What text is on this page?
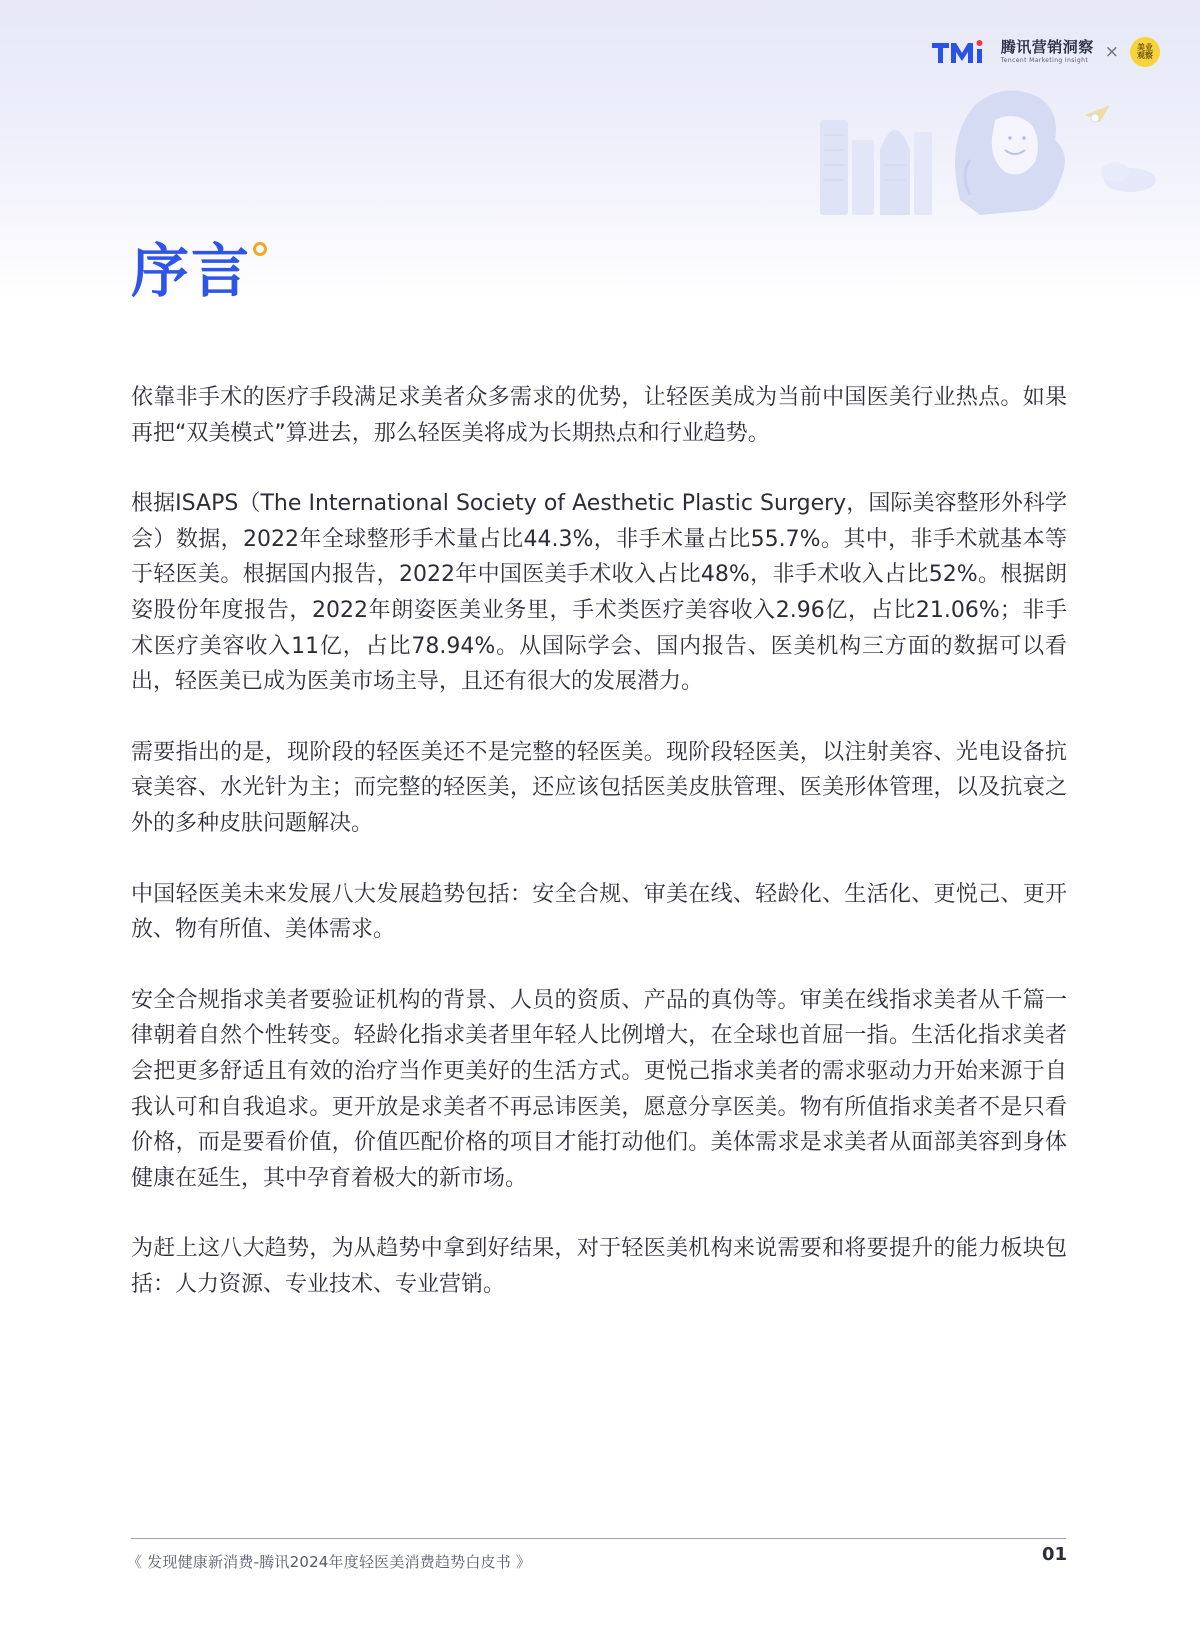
腾讯营销洞察
Tencent Marketing Insight × 美业
观察
序言

依靠非手术的医疗手段满足求美者众多需求的优势，让轻医美成为当前中国医美行业热点。如果再把“双美模式”算进去，那么轻医美将成为长期热点和行业趋势。

根据ISAPS（The International Society of Aesthetic Plastic Surgery，国际美容整形外科学会）数据，2022年全球整形手术量占比44.3%，非手术量占比55.7%。其中，非手术就基本等于轻医美。根据国内报告，2022年中国医美手术收入占比48%，非手术收入占比52%。根据朗姿股份年度报告，2022年朗姿医美业务里，手术类医疗美容收入2.96亿，占比21.06%；非手术医疗美容收入11亿，占比78.94%。从国际学会、国内报告、医美机构三方面的数据可以看出，轻医美已成为医美市场主导，且还有很大的发展潜力。

需要指出的是，现阶段的轻医美还不是完整的轻医美。现阶段轻医美，以注射美容、光电设备抗衰美容、水光针为主；而完整的轻医美，还应该包括医美皮肤管理、医美形体管理，以及抗衰之外的多种皮肤问题解决。

中国轻医美未来发展八大发展趋势包括：安全合规、审美在线、轻龄化、生活化、更悦己、更开放、物有所值、美体需求。

安全合规指求美者要验证机构的背景、人员的资质、产品的真伪等。审美在线指求美者从千篇一律朝着自然个性转变。轻龄化指求美者里年轻人比例增大，在全球也首屈一指。生活化指求美者会把更多舒适且有效的治疗当作更美好的生活方式。更悦己指求美者的需求驱动力开始来源于自我认可和自我追求。更开放是求美者不再忌讳医美，愿意分享医美。物有所值指求美者不是只看价格，而是要看价值，价值匹配价格的项目才能打动他们。美体需求是求美者从面部美容到身体健康在延生，其中孕育着极大的新市场。

为赶上这八大趋势，为从趋势中拿到好结果，对于轻医美机构来说需要和将要提升的能力板块包括：人力资源、专业技术、专业营销。

《 发现健康新消费-腾讯2024年度轻医美消费趋势白皮书 》	01
